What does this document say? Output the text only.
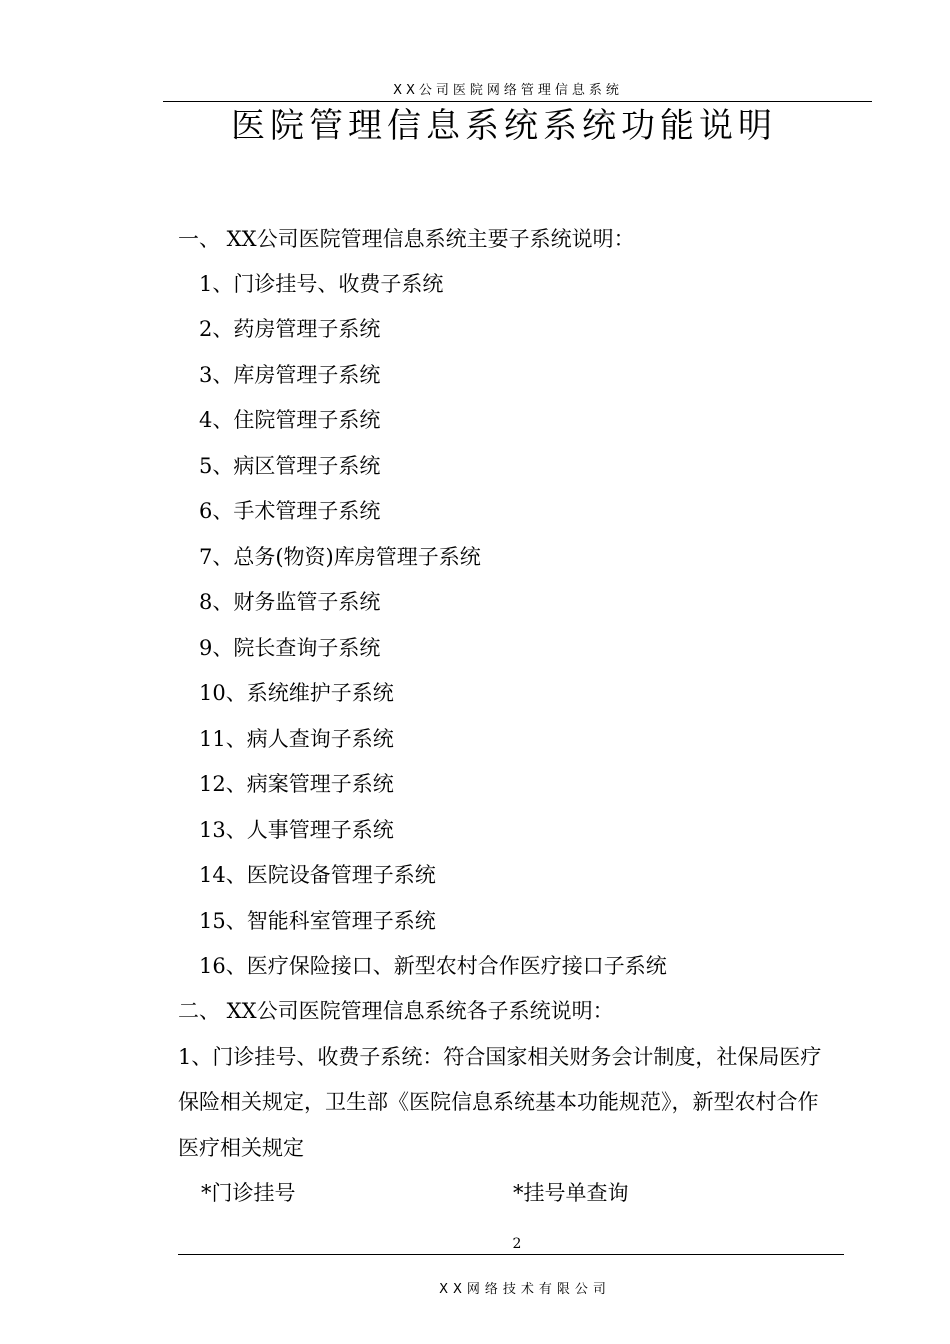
XX公司医院网络管理信息系统
医院管理信息系统系统功能说明
一、 XX公司医院管理信息系统主要子系统说明：
1、门诊挂号、收费子系统
2、药房管理子系统
3、库房管理子系统
4、住院管理子系统
5、病区管理子系统
6、手术管理子系统
7、总务(物资)库房管理子系统
8、财务监管子系统
9、院长查询子系统
10、系统维护子系统
11、病人查询子系统
12、病案管理子系统
13、人事管理子系统
14、医院设备管理子系统
15、智能科室管理子系统
16、医疗保险接口、新型农村合作医疗接口子系统
二、 XX公司医院管理信息系统各子系统说明：
1、门诊挂号、收费子系统：符合国家相关财务会计制度，社保局医疗
保险相关规定，卫生部《医院信息系统基本功能规范》，新型农村合作
医疗相关规定
*门诊挂号	*挂号单查询
2
XX网络技术有限公司
